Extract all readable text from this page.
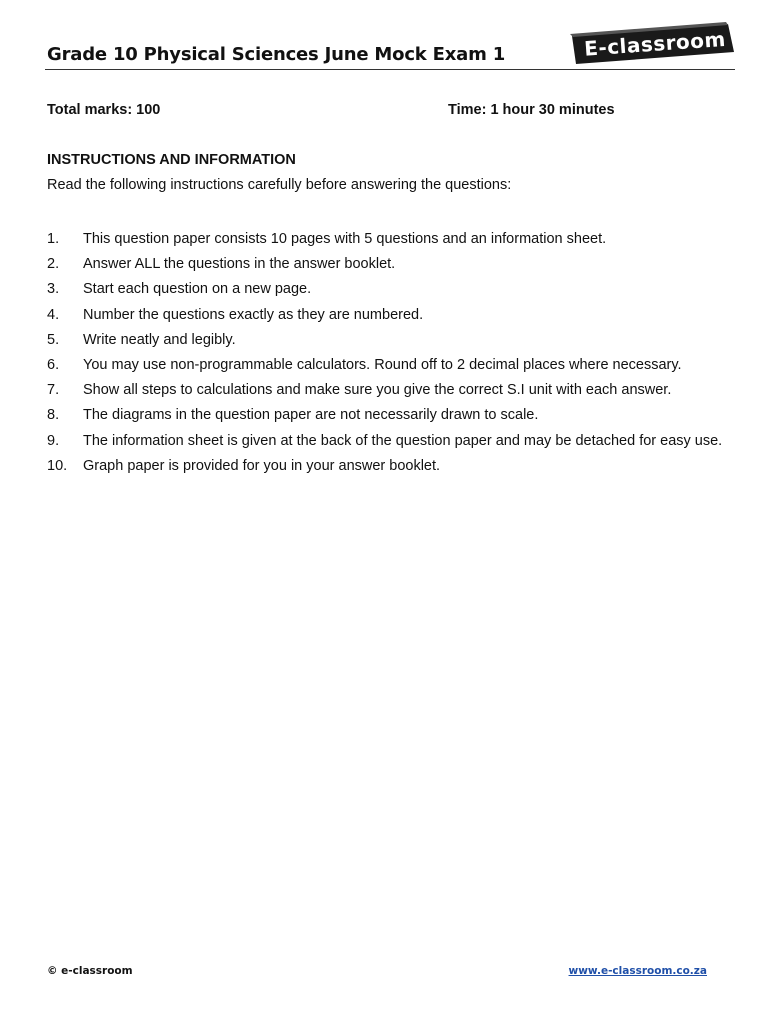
Grade 10 Physical Sciences June Mock Exam 1	E-classroom
Total marks: 100	Time: 1 hour 30 minutes
INSTRUCTIONS AND INFORMATION
Read the following instructions carefully before answering the questions:
1.	This question paper consists 10 pages with 5 questions and an information sheet.
2.	Answer ALL the questions in the answer booklet.
3.	Start each question on a new page.
4.	Number the questions exactly as they are numbered.
5.	Write neatly and legibly.
6.	You may use non-programmable calculators. Round off to 2 decimal places where necessary.
7.	Show all steps to calculations and make sure you give the correct S.I unit with each answer.
8.	The diagrams in the question paper are not necessarily drawn to scale.
9.	The information sheet is given at the back of the question paper and may be detached for easy use.
10.	Graph paper is provided for you in your answer booklet.
© e-classroom	www.e-classroom.co.za
